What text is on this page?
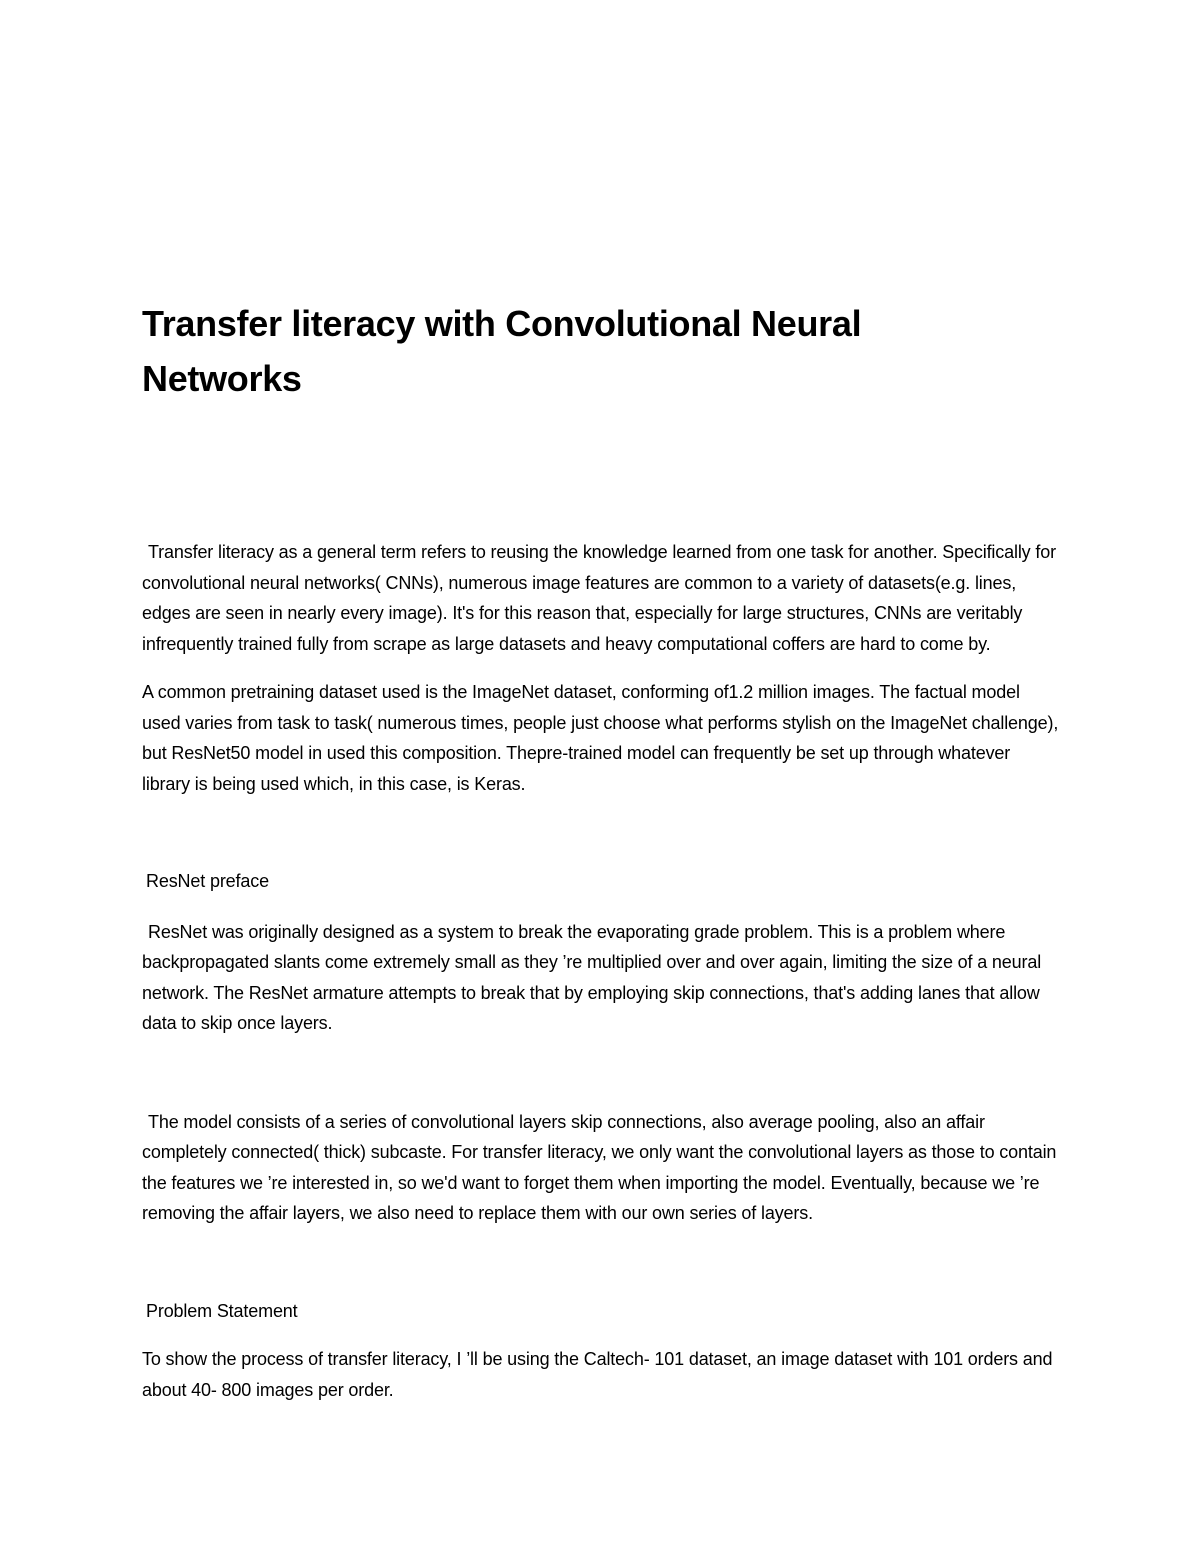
Transfer literacy with Convolutional Neural Networks

Transfer literacy as a general term refers to reusing the knowledge learned from one task for another. Specifically for convolutional neural networks( CNNs), numerous image features are common to a variety of datasets(e.g. lines, edges are seen in nearly every image). It's for this reason that, especially for large structures, CNNs are veritably infrequently trained fully from scrape as large datasets and heavy computational coffers are hard to come by.

A common pretraining dataset used is the ImageNet dataset, conforming of1.2 million images. The factual model used varies from task to task( numerous times, people just choose what performs stylish on the ImageNet challenge), but ResNet50 model in used this composition. Thepre-trained model can frequently be set up through whatever library is being used which, in this case, is Keras.

ResNet preface

ResNet was originally designed as a system to break the evaporating grade problem. This is a problem where backpropagated slants come extremely small as they ’re multiplied over and over again, limiting the size of a neural network. The ResNet armature attempts to break that by employing skip connections, that's adding lanes that allow data to skip once layers.

The model consists of a series of convolutional layers skip connections, also average pooling, also an affair completely connected( thick) subcaste. For transfer literacy, we only want the convolutional layers as those to contain the features we ’re interested in, so we'd want to forget them when importing the model. Eventually, because we ’re removing the affair layers, we also need to replace them with our own series of layers.

Problem Statement

To show the process of transfer literacy, I ’ll be using the Caltech- 101 dataset, an image dataset with 101 orders and about 40- 800 images per order.
